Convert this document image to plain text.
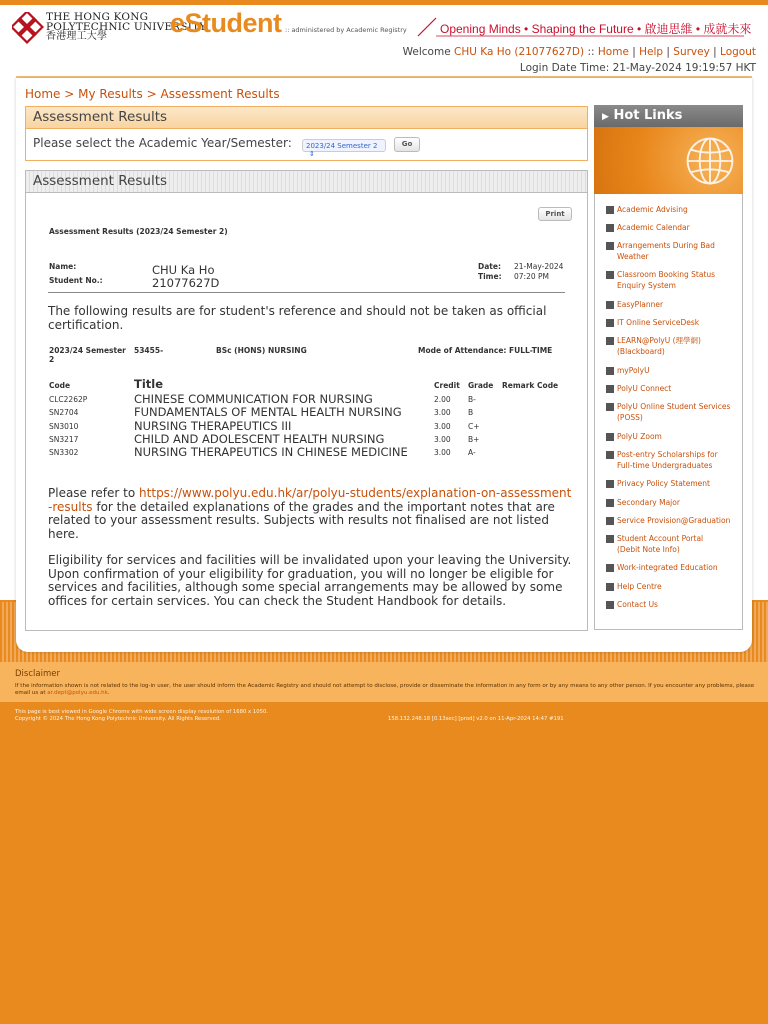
THE HONG KONG
POLYTECHNIC UNIVERSITY
香港理工大學	eStudent :: administered by Academic Registry	Opening Minds • Shaping the Future • 啟迪思維 • 成就未來
Welcome CHU Ka Ho (21077627D) :: Home | Help | Survey | Logout
Login Date Time: 21-May-2024 19:19:57 HKT
Home > My Results > Assessment Results
Assessment Results
Please select the Academic Year/Semester:	2023/24 Semester 2 ⇕
Go
Assessment Results
Print
Assessment Results (2023/24 Semester 2)
Name:	CHU Ka Ho
Student No.:	21077627D
Date: 21-May-2024
Time: 07:20 PM
The following results are for student's reference and should not be taken as official certification.
2023/24 Semester 2
53455-	BSc (HONS) NURSING	Mode of Attendance: FULL-TIME
Code	Title	Credit Grade Remark Code
CLC2262P	CHINESE COMMUNICATION FOR NURSING	2.00 B-
SN2704	FUNDAMENTALS OF MENTAL HEALTH NURSING	3.00 B
SN3010	NURSING THERAPEUTICS III	3.00 C+
SN3217	CHILD AND ADOLESCENT HEALTH NURSING	3.00 B+
SN3302	NURSING THERAPEUTICS IN CHINESE MEDICINE	3.00 A-
Please refer to https://www.polyu.edu.hk/ar/polyu-students/explanation-on-assessment-results for the detailed explanations of the grades and the important notes that are related to your assessment results. Subjects with results not finalised are not listed here.
Eligibility for services and facilities will be invalidated upon your leaving the University. Upon confirmation of your eligibility for graduation, you will no longer be eligible for services and facilities, although some special arrangements may be allowed by some offices for certain services. You can check the Student Handbook for details.
▶ Hot Links
Academic Advising
Academic Calendar
Arrangements During Bad Weather
Classroom Booking Status Enquiry System
EasyPlanner
IT Online ServiceDesk
LEARN@PolyU (理學網) (Blackboard)
myPolyU
PolyU Connect
PolyU Online Student Services (POSS)
PolyU Zoom
Post-entry Scholarships for Full-time Undergraduates
Privacy Policy Statement
Secondary Major
Service Provision@Graduation
Student Account Portal (Debit Note Info)
Work-integrated Education
Help Centre
Contact Us
Disclaimer
If the information shown is not related to the log-in user, the user should inform the Academic Registry and should not attempt to disclose, provide or disseminate the information in any form or by any means to any other person. If you encounter any problems, please email us at ar.dept@polyu.edu.hk.
This page is best viewed in Google Chrome with wide screen display resolution of 1680 x 1050.
Copyright © 2024 The Hong Kong Polytechnic University. All Rights Reserved.	158.132.248.18 [0.13sec] [prod] v2.0 on 11-Apr-2024 14:47 #191
